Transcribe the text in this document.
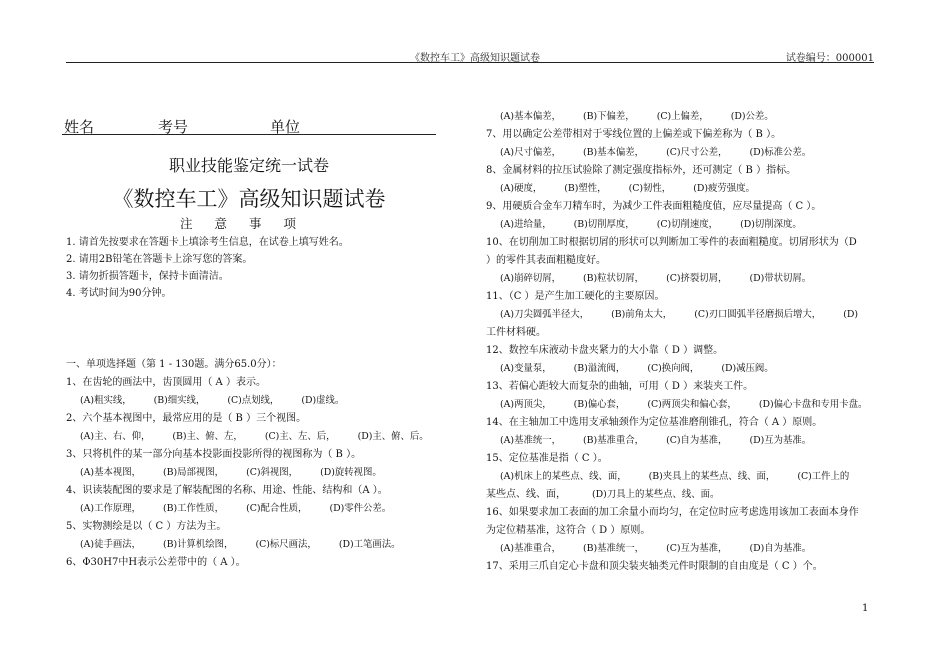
《数控车工》高级知识题试卷	试卷编号：000001
姓名	考号	单位
职业技能鉴定统一试卷
《数控车工》高级知识题试卷
注意事项
1. 请首先按要求在答题卡上填涂考生信息，在试卷上填写姓名。
2. 请用2B铅笔在答题卡上涂写您的答案。
3. 请勿折损答题卡，保持卡面清洁。
4. 考试时间为90分钟。
一、单项选择题（第 1 - 130题。满分65.0分）：
1、在齿轮的画法中，齿顶圆用（ A ）表示。
(A)粗实线， (B)细实线， (C)点划线， (D)虚线。
2、六个基本视图中，最常应用的是（ B ）三个视图。
(A)主、右、仰， (B)主、俯、左， (C)主、左、后， (D)主、俯、后。
3、只将机件的某一部分向基本投影面投影所得的视图称为（ B ）。
(A)基本视图， (B)局部视图， (C)斜视图， (D)旋转视图。
4、识读装配图的要求是了解装配图的名称、用途、性能、结构和（A ）。
(A)工作原理， (B)工作性质， (C)配合性质， (D)零件公差。
5、实物测绘是以（ C ）方法为主。
(A)徒手画法， (B)计算机绘图， (C)标尺画法， (D)工笔画法。
6、Φ30H7中H表示公差带中的（ A ）。
(A)基本偏差， (B)下偏差， (C)上偏差， (D)公差。
7、用以确定公差带相对于零线位置的上偏差或下偏差称为（ B ）。
(A)尺寸偏差， (B)基本偏差， (C)尺寸公差， (D)标准公差。
8、金属材料的拉压试验除了测定强度指标外，还可测定（ B ）指标。
(A)硬度， (B)塑性， (C)韧性， (D)疲劳强度。
9、用硬质合金车刀精车时，为减少工件表面粗糙度值，应尽量提高（ C ）。
(A)进给量， (B)切削厚度， (C)切削速度， (D)切削深度。
10、在切削加工时根据切屑的形状可以判断加工零件的表面粗糙度。切屑形状为（D
）的零件其表面粗糙度好。
(A)崩碎切屑， (B)粒状切屑， (C)挤裂切屑， (D)带状切屑。
11、（C ）是产生加工硬化的主要原因。
(A)刀尖圆弧半径大， (B)前角太大， (C)刃口圆弧半径磨损后增大， (D)
工件材料硬。
12、数控车床液动卡盘夹紧力的大小靠（ D ）调整。
(A)变量泵， (B)溢流阀， (C)换向阀， (D)减压阀。
13、若偏心距较大而复杂的曲轴，可用（ D ）来装夹工件。
(A)两顶尖， (B)偏心套， (C)两顶尖和偏心套， (D)偏心卡盘和专用卡盘。
14、在主轴加工中选用支承轴颈作为定位基准磨削锥孔，符合（ A ）原则。
(A)基准统一， (B)基准重合， (C)自为基准， (D)互为基准。
15、定位基准是指（ C ）。
(A)机床上的某些点、线、面， (B)夹具上的某些点、线、面， (C)工件上的
某些点、线、面，	(D)刀具上的某些点、线、面。
16、如果要求加工表面的加工余量小而均匀，在定位时应考虑选用该加工表面本身作
为定位精基准，这符合（ D ）原则。
(A)基准重合， (B)基准统一， (C)互为基准， (D)自为基准。
17、采用三爪自定心卡盘和顶尖装夹轴类元件时限制的自由度是（ C ）个。
1
